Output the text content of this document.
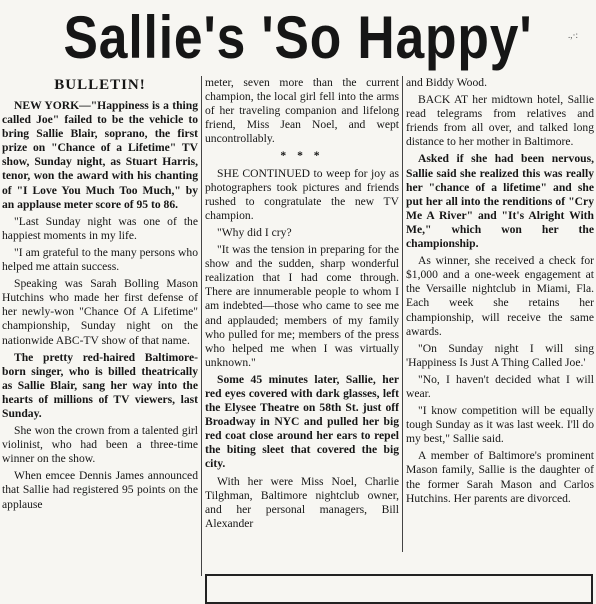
Sallie's 'So Happy'	.,·:
BULLETIN!

NEW YORK—"Happiness is a thing called Joe" failed to be the vehicle to bring Sallie Blair, soprano, the first prize on "Chance of a Lifetime" TV show, Sunday night, as Stuart Harris, tenor, won the award with his chanting of "I Love You Much Too Much," by an applause meter score of 95 to 86.

"Last Sunday night was one of the happiest moments in my life.

"I am grateful to the many persons who helped me attain success.

Speaking was Sarah Bolling Mason Hutchins who made her first defense of her newly-won "Chance Of A Lifetime" championship, Sunday night on the nationwide ABC-TV show of that name.

The pretty red-haired Baltimore-born singer, who is billed theatrically as Sallie Blair, sang her way into the hearts of millions of TV viewers, last Sunday.

She won the crown from a talented girl violinist, who had been a three-time winner on the show.

When emcee Dennis James announced that Sallie had registered 95 points on the applause

meter, seven more than the current champion, the local girl fell into the arms of her traveling companion and lifelong friend, Miss Jean Noel, and wept uncontrollably.

* * *

SHE CONTINUED to weep for joy as photographers took pictures and friends rushed to congratulate the new TV champion.

"Why did I cry?

"It was the tension in preparing for the show and the sudden, sharp wonderful realization that I had come through. There are innumerable people to whom I am indebted—those who came to see me and applauded; members of my family who pulled for me; members of the press who helped me when I was virtually unknown."

Some 45 minutes later, Sallie, her red eyes covered with dark glasses, left the Elysee Theatre on 58th St. just off Broadway in NYC and pulled her big red coat close around her ears to repel the biting sleet that covered the big city.

With her were Miss Noel, Charlie Tilghman, Baltimore nightclub owner, and her personal managers, Bill Alexander

and Biddy Wood.

BACK AT her midtown hotel, Sallie read telegrams from relatives and friends from all over, and talked long distance to her mother in Baltimore.

Asked if she had been nervous, Sallie said she realized this was really her "chance of a lifetime" and she put her all into the renditions of "Cry Me A River" and "It's Alright With Me," which won her the championship.

As winner, she received a check for $1,000 and a one-week engagement at the Versaille nightclub in Miami, Fla. Each week she retains her championship, will receive the same awards.

"On Sunday night I will sing 'Happiness Is Just A Thing Called Joe.'

"No, I haven't decided what I will wear.

"I know competition will be equally tough Sunday as it was last week. I'll do my best," Sallie said.

A member of Baltimore's prominent Mason family, Sallie is the daughter of the former Sarah Mason and Carlos Hutchins. Her parents are divorced.
